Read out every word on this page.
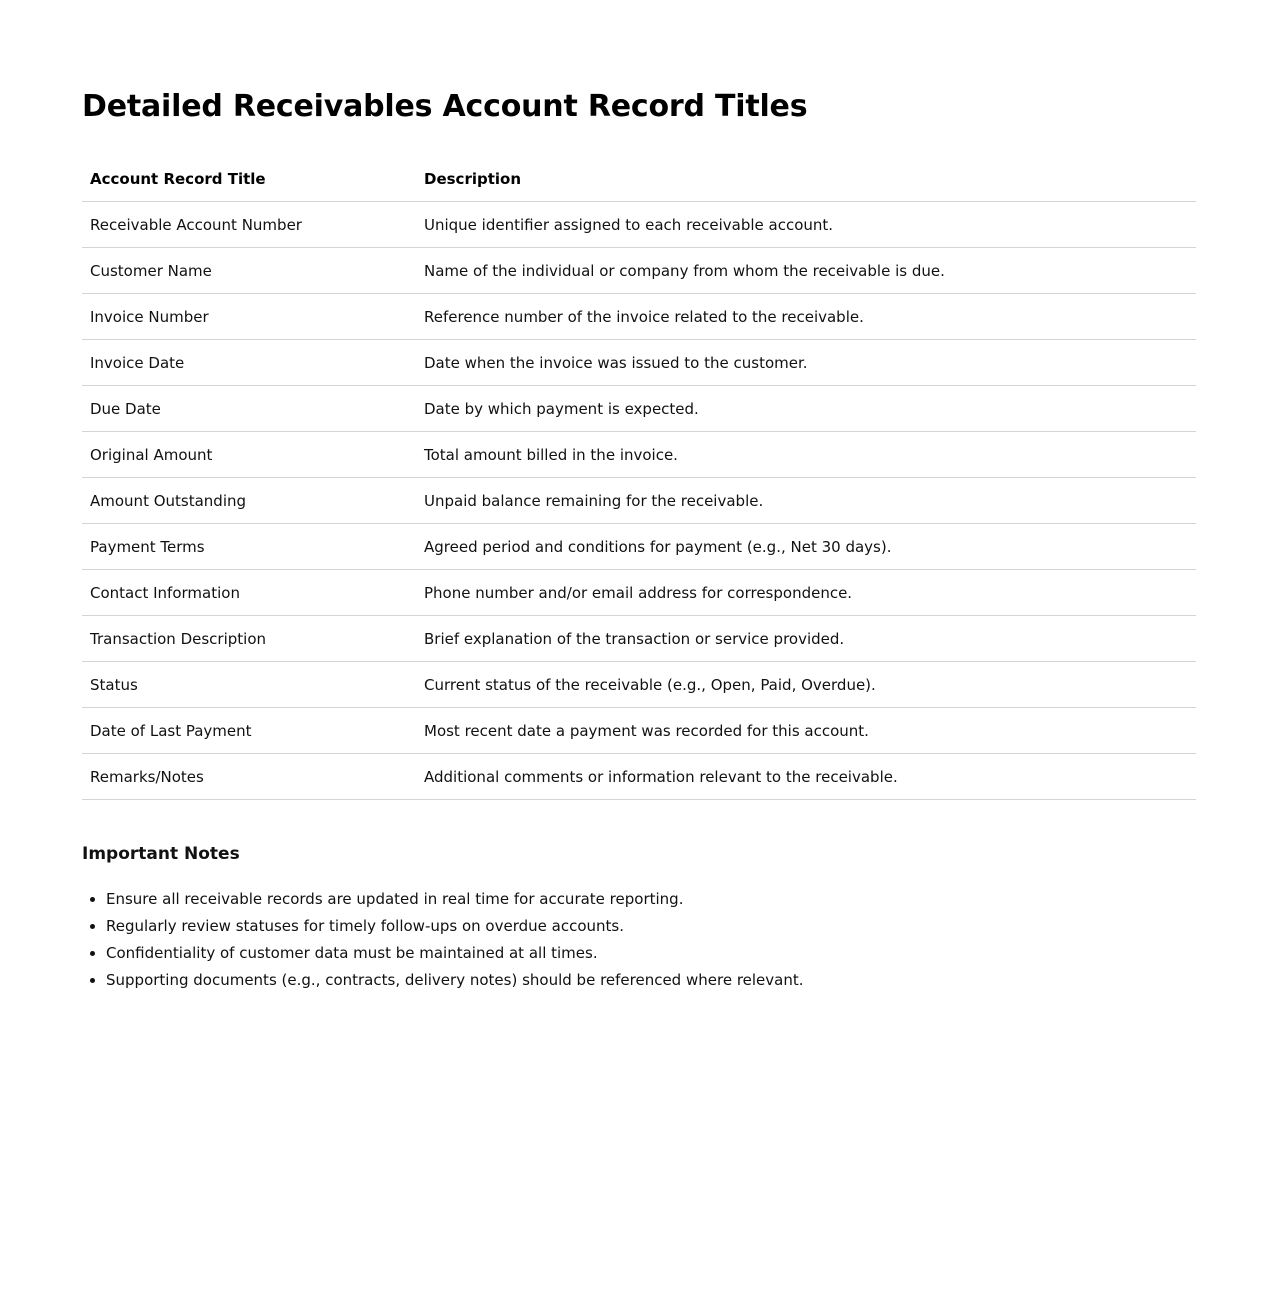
Detailed Receivables Account Record Titles
Account Record Title	Description
Receivable Account Number	Unique identifier assigned to each receivable account.
Customer Name	Name of the individual or company from whom the receivable is due.
Invoice Number	Reference number of the invoice related to the receivable.
Invoice Date	Date when the invoice was issued to the customer.
Due Date	Date by which payment is expected.
Original Amount	Total amount billed in the invoice.
Amount Outstanding	Unpaid balance remaining for the receivable.
Payment Terms	Agreed period and conditions for payment (e.g., Net 30 days).
Contact Information	Phone number and/or email address for correspondence.
Transaction Description	Brief explanation of the transaction or service provided.
Status	Current status of the receivable (e.g., Open, Paid, Overdue).
Date of Last Payment	Most recent date a payment was recorded for this account.
Remarks/Notes	Additional comments or information relevant to the receivable.
Important Notes
• Ensure all receivable records are updated in real time for accurate reporting.
• Regularly review statuses for timely follow-ups on overdue accounts.
• Confidentiality of customer data must be maintained at all times.
• Supporting documents (e.g., contracts, delivery notes) should be referenced where relevant.
